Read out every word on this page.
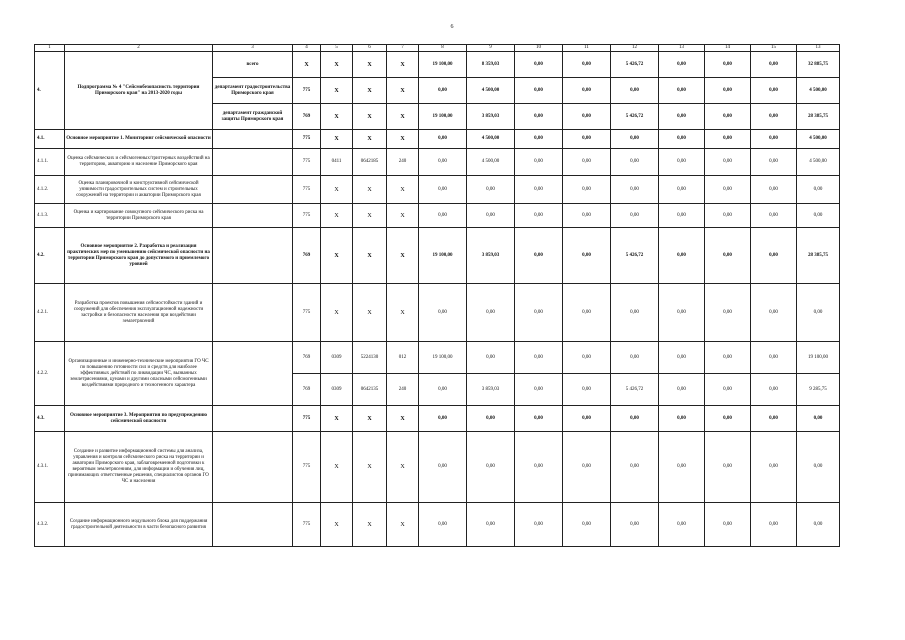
6
1	2	3	4	5	6	7	8	9	10	11	12	13	14	15	13
4.	Подпрограмма № 4 "Сейсмобезопасность территории Приморского края" на 2013-2020 годы	всего	X	X	X	X	19 100,00	8 359,03	0,00	0,00	5 426,72	0,00	0,00	0,00	32 885,75
		департамент градостроительства Приморского края	775	X	X	X	0,00	4 500,00	0,00	0,00	0,00	0,00	0,00	0,00	4 500,00
		департамент гражданской защиты Приморского края	769	X	X	X	19 100,00	3 859,03	0,00	0,00	5 426,72	0,00	0,00	0,00	28 385,75
4.1.	Основное мероприятие 1. Мониторинг сейсмической опасности		775	X	X	X	0,00	4 500,00	0,00	0,00	0,00	0,00	0,00	0,00	4 500,00
4.1.1.	Оценка сейсмических и сейсмогенных/триггерных воздействий на территорию, акваторию и население Приморского края		775	0411	0642185	240	0,00	4 500,00	0,00	0,00	0,00	0,00	0,00	0,00	4 500,00
4.1.2.	Оценка планировочной и конструктивной сейсмической уязвимости градостроительных систем и строительных сооружений на территории и акватории Приморского края		775	X	X	X	0,00	0,00	0,00	0,00	0,00	0,00	0,00	0,00	0,00
4.1.3.	Оценка и картирование совокупного сейсмического риска на территории Приморского края		775	X	X	X	0,00	0,00	0,00	0,00	0,00	0,00	0,00	0,00	0,00
4.2.	Основное мероприятие 2. Разработка и реализация практических мер по уменьшению сейсмической опасности на территории Приморского края до допустимого и приемлемого уровней		769	X	X	X	19 100,00	3 859,03	0,00	0,00	5 426,72	0,00	0,00	0,00	28 385,75
4.2.1.	Разработка проектов повышения сейсмостойкости зданий и сооружений для обеспечения эксплуатационной надежности застройки и безопасности населения при воздействии землетрясений		775	X	X	X	0,00	0,00	0,00	0,00	0,00	0,00	0,00	0,00	0,00
4.2.2.	Организационные и инженерно-технические мероприятия ГО ЧС по повышению готовности сил и средств для наиболее эффективных действий по ликвидации ЧС, вызванных землетрясениями, цунами и другими опасными сейсмогенными воздействиями природного и техногенного характера		769	0309	5224130	012	19 100,00	0,00	0,00	0,00	0,00	0,00	0,00	0,00	19 100,00
			769	0309	0642135	240	0,00	3 859,03	0,00	0,00	5 426,72	0,00	0,00	0,00	9 285,75
4.3.	Основное мероприятие 3. Мероприятия по предупреждению сейсмической опасности		775	X	X	X	0,00	0,00	0,00	0,00	0,00	0,00	0,00	0,00	0,00
4.3.1.	Создание и развитие информационной системы для анализа, управления и контроля сейсмического риска на территории и акватории Приморского края, заблаговременной подготовки к вероятным землетрясениям, для информации и обучения лиц, принимающих ответственные решения, специалистов органов ГО ЧС и населения		775	X	X	X	0,00	0,00	0,00	0,00	0,00	0,00	0,00	0,00	0,00
4.3.2.	Создание информационного модульного блока для поддержания градостроительной деятельности в части безопасного развития		775	X	X	X	0,00	0,00	0,00	0,00	0,00	0,00	0,00	0,00	0,00
